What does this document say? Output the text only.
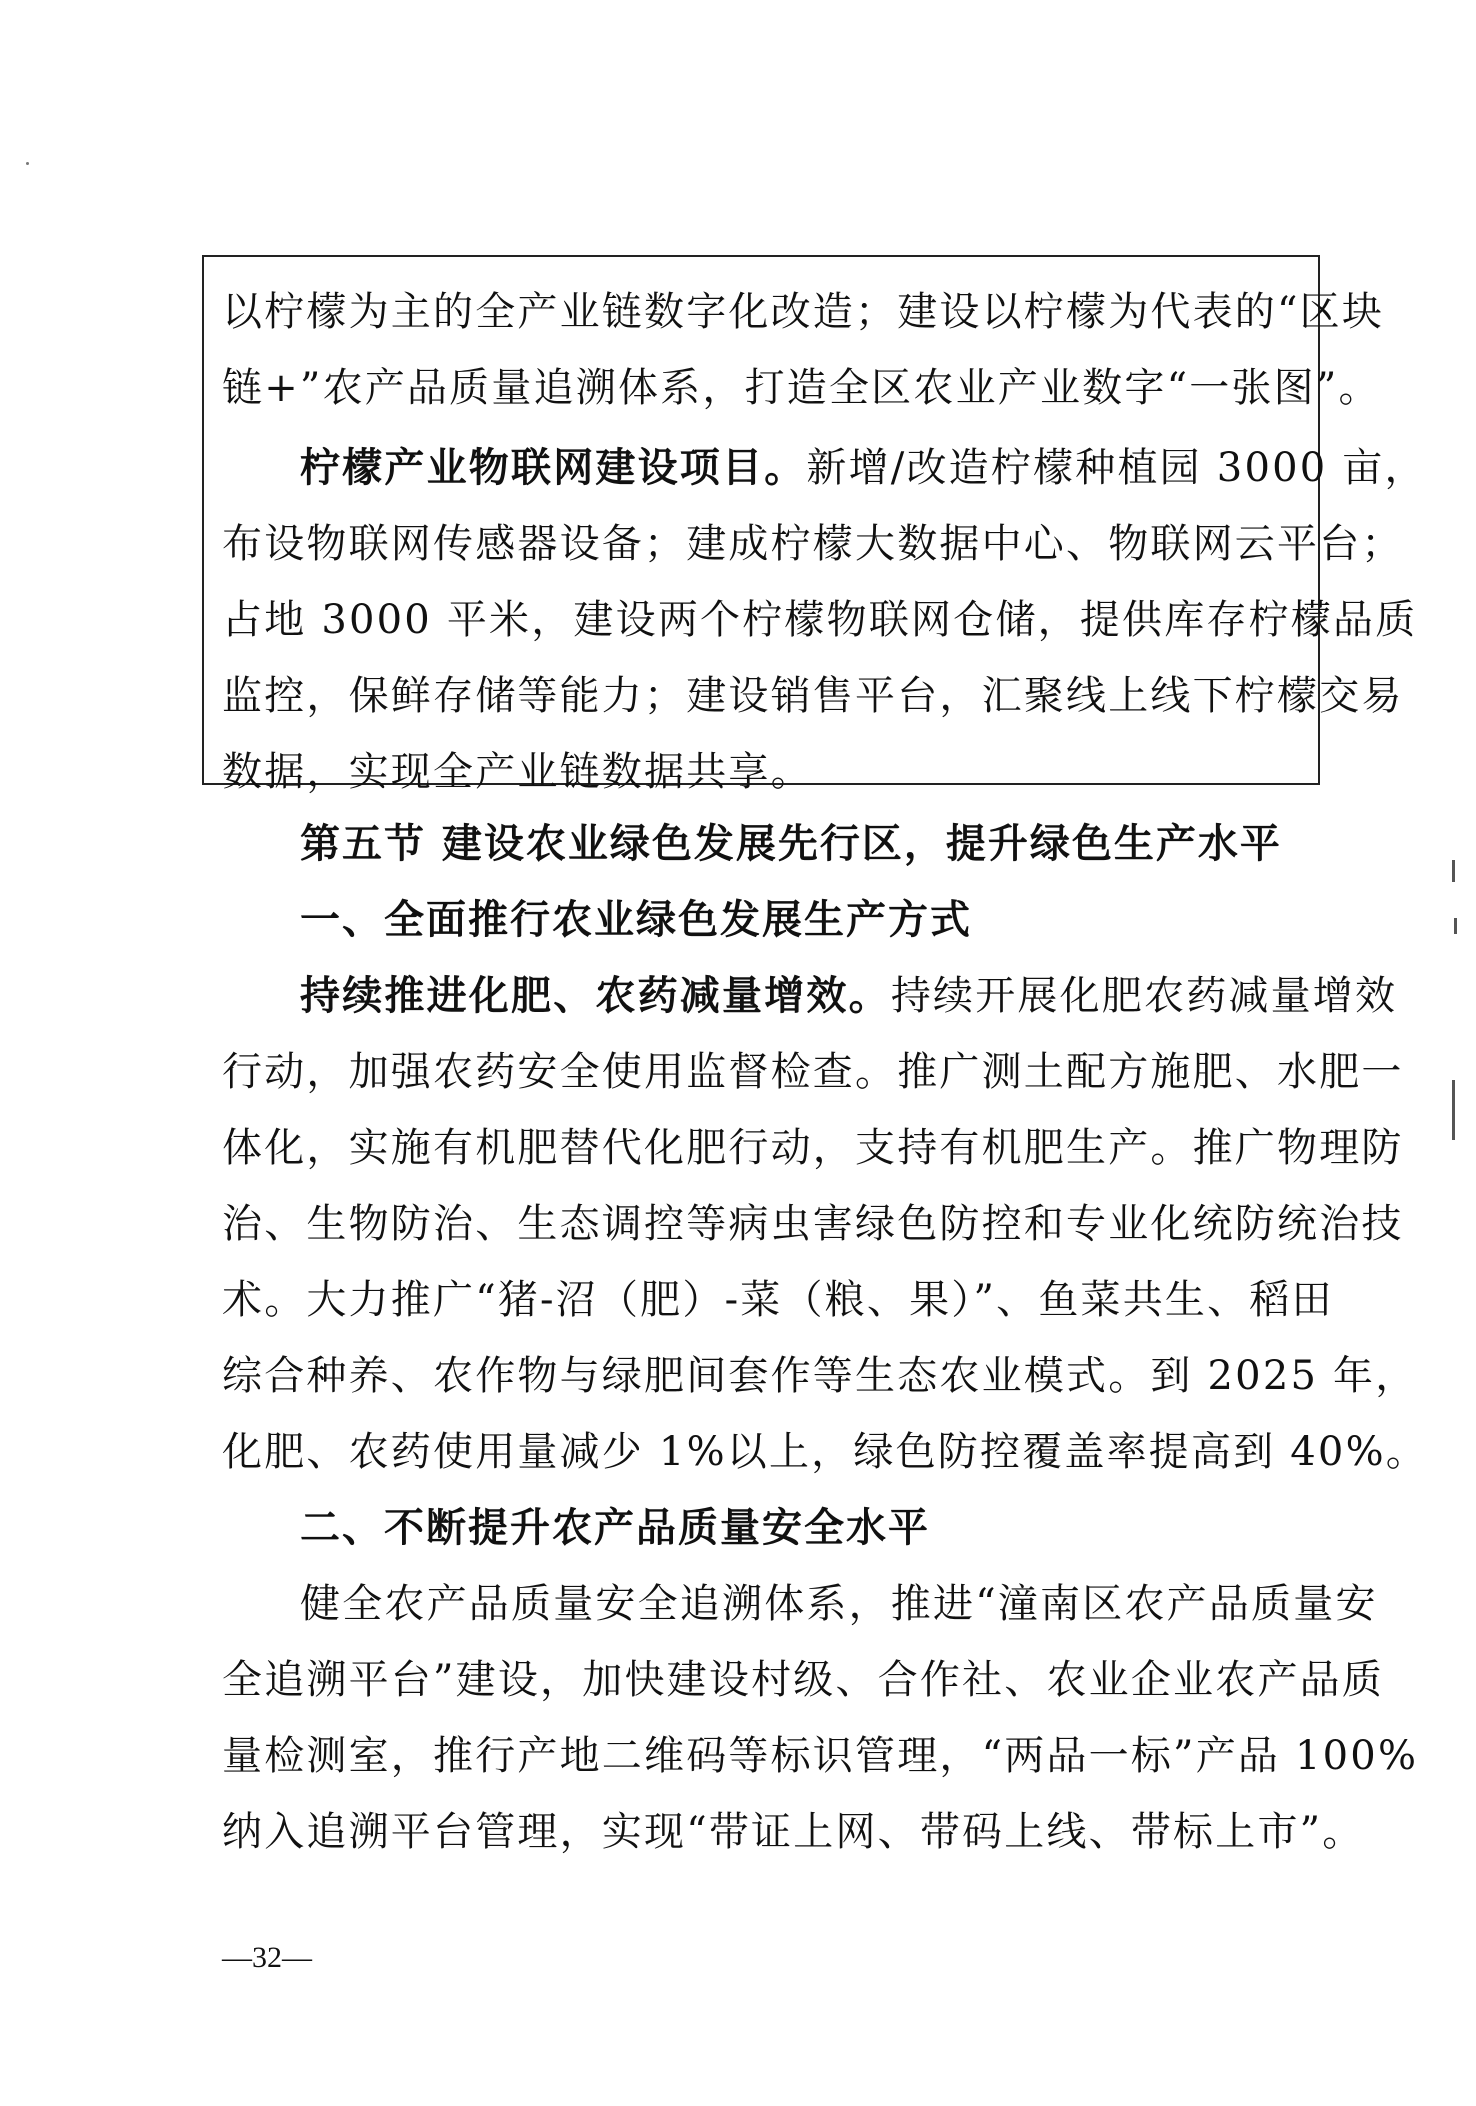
以柠檬为主的全产业链数字化改造；建设以柠檬为代表的“区块
链+”农产品质量追溯体系，打造全区农业产业数字“一张图”。
柠檬产业物联网建设项目。新增/改造柠檬种植园 3000 亩，
布设物联网传感器设备；建成柠檬大数据中心、物联网云平台；
占地 3000 平米，建设两个柠檬物联网仓储，提供库存柠檬品质
监控，保鲜存储等能力；建设销售平台，汇聚线上线下柠檬交易
数据，实现全产业链数据共享。
第五节 建设农业绿色发展先行区，提升绿色生产水平
一、全面推行农业绿色发展生产方式
持续推进化肥、农药减量增效。持续开展化肥农药减量增效
行动，加强农药安全使用监督检查。推广测土配方施肥、水肥一
体化，实施有机肥替代化肥行动，支持有机肥生产。推广物理防
治、生物防治、生态调控等病虫害绿色防控和专业化统防统治技
术。大力推广“猪-沼（肥）-菜（粮、果）”、鱼菜共生、稻田
综合种养、农作物与绿肥间套作等生态农业模式。到 2025 年，
化肥、农药使用量减少 1%以上，绿色防控覆盖率提高到 40%。
二、不断提升农产品质量安全水平
健全农产品质量安全追溯体系，推进“潼南区农产品质量安
全追溯平台”建设，加快建设村级、合作社、农业企业农产品质
量检测室，推行产地二维码等标识管理，“两品一标”产品 100%
纳入追溯平台管理，实现“带证上网、带码上线、带标上市”。
—32—
